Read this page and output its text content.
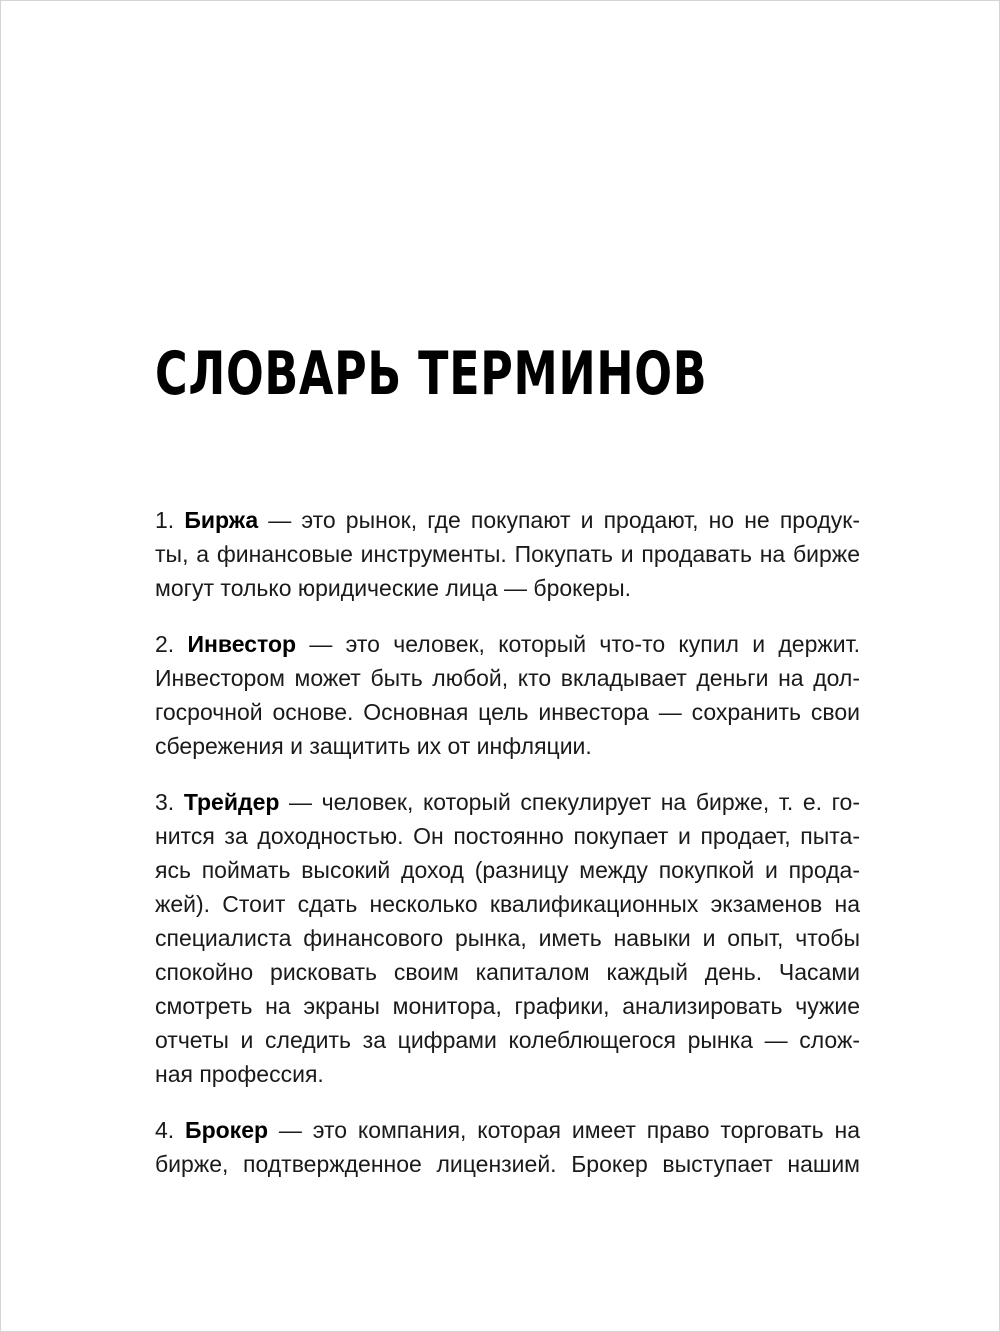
СЛОВАРЬ ТЕРМИНОВ
1. Биржа — это рынок, где покупают и продают, но не продук-
ты, а финансовые инструменты. Покупать и продавать на бирже
могут только юридические лица — брокеры.
2. Инвестор — это человек, который что-то купил и держит.
Инвестором может быть любой, кто вкладывает деньги на дол-
госрочной основе. Основная цель инвестора — сохранить свои
сбережения и защитить их от инфляции.
3. Трейдер — человек, который спекулирует на бирже, т. е. го-
нится за доходностью. Он постоянно покупает и продает, пыта-
ясь поймать высокий доход (разницу между покупкой и прода-
жей). Стоит сдать несколько квалификационных экзаменов на
специалиста финансового рынка, иметь навыки и опыт, чтобы
спокойно рисковать своим капиталом каждый день. Часами
смотреть на экраны монитора, графики, анализировать чужие
отчеты и следить за цифрами колеблющегося рынка — слож-
ная профессия.
4. Брокер — это компания, которая имеет право торговать на
бирже, подтвержденное лицензией. Брокер выступает нашим
